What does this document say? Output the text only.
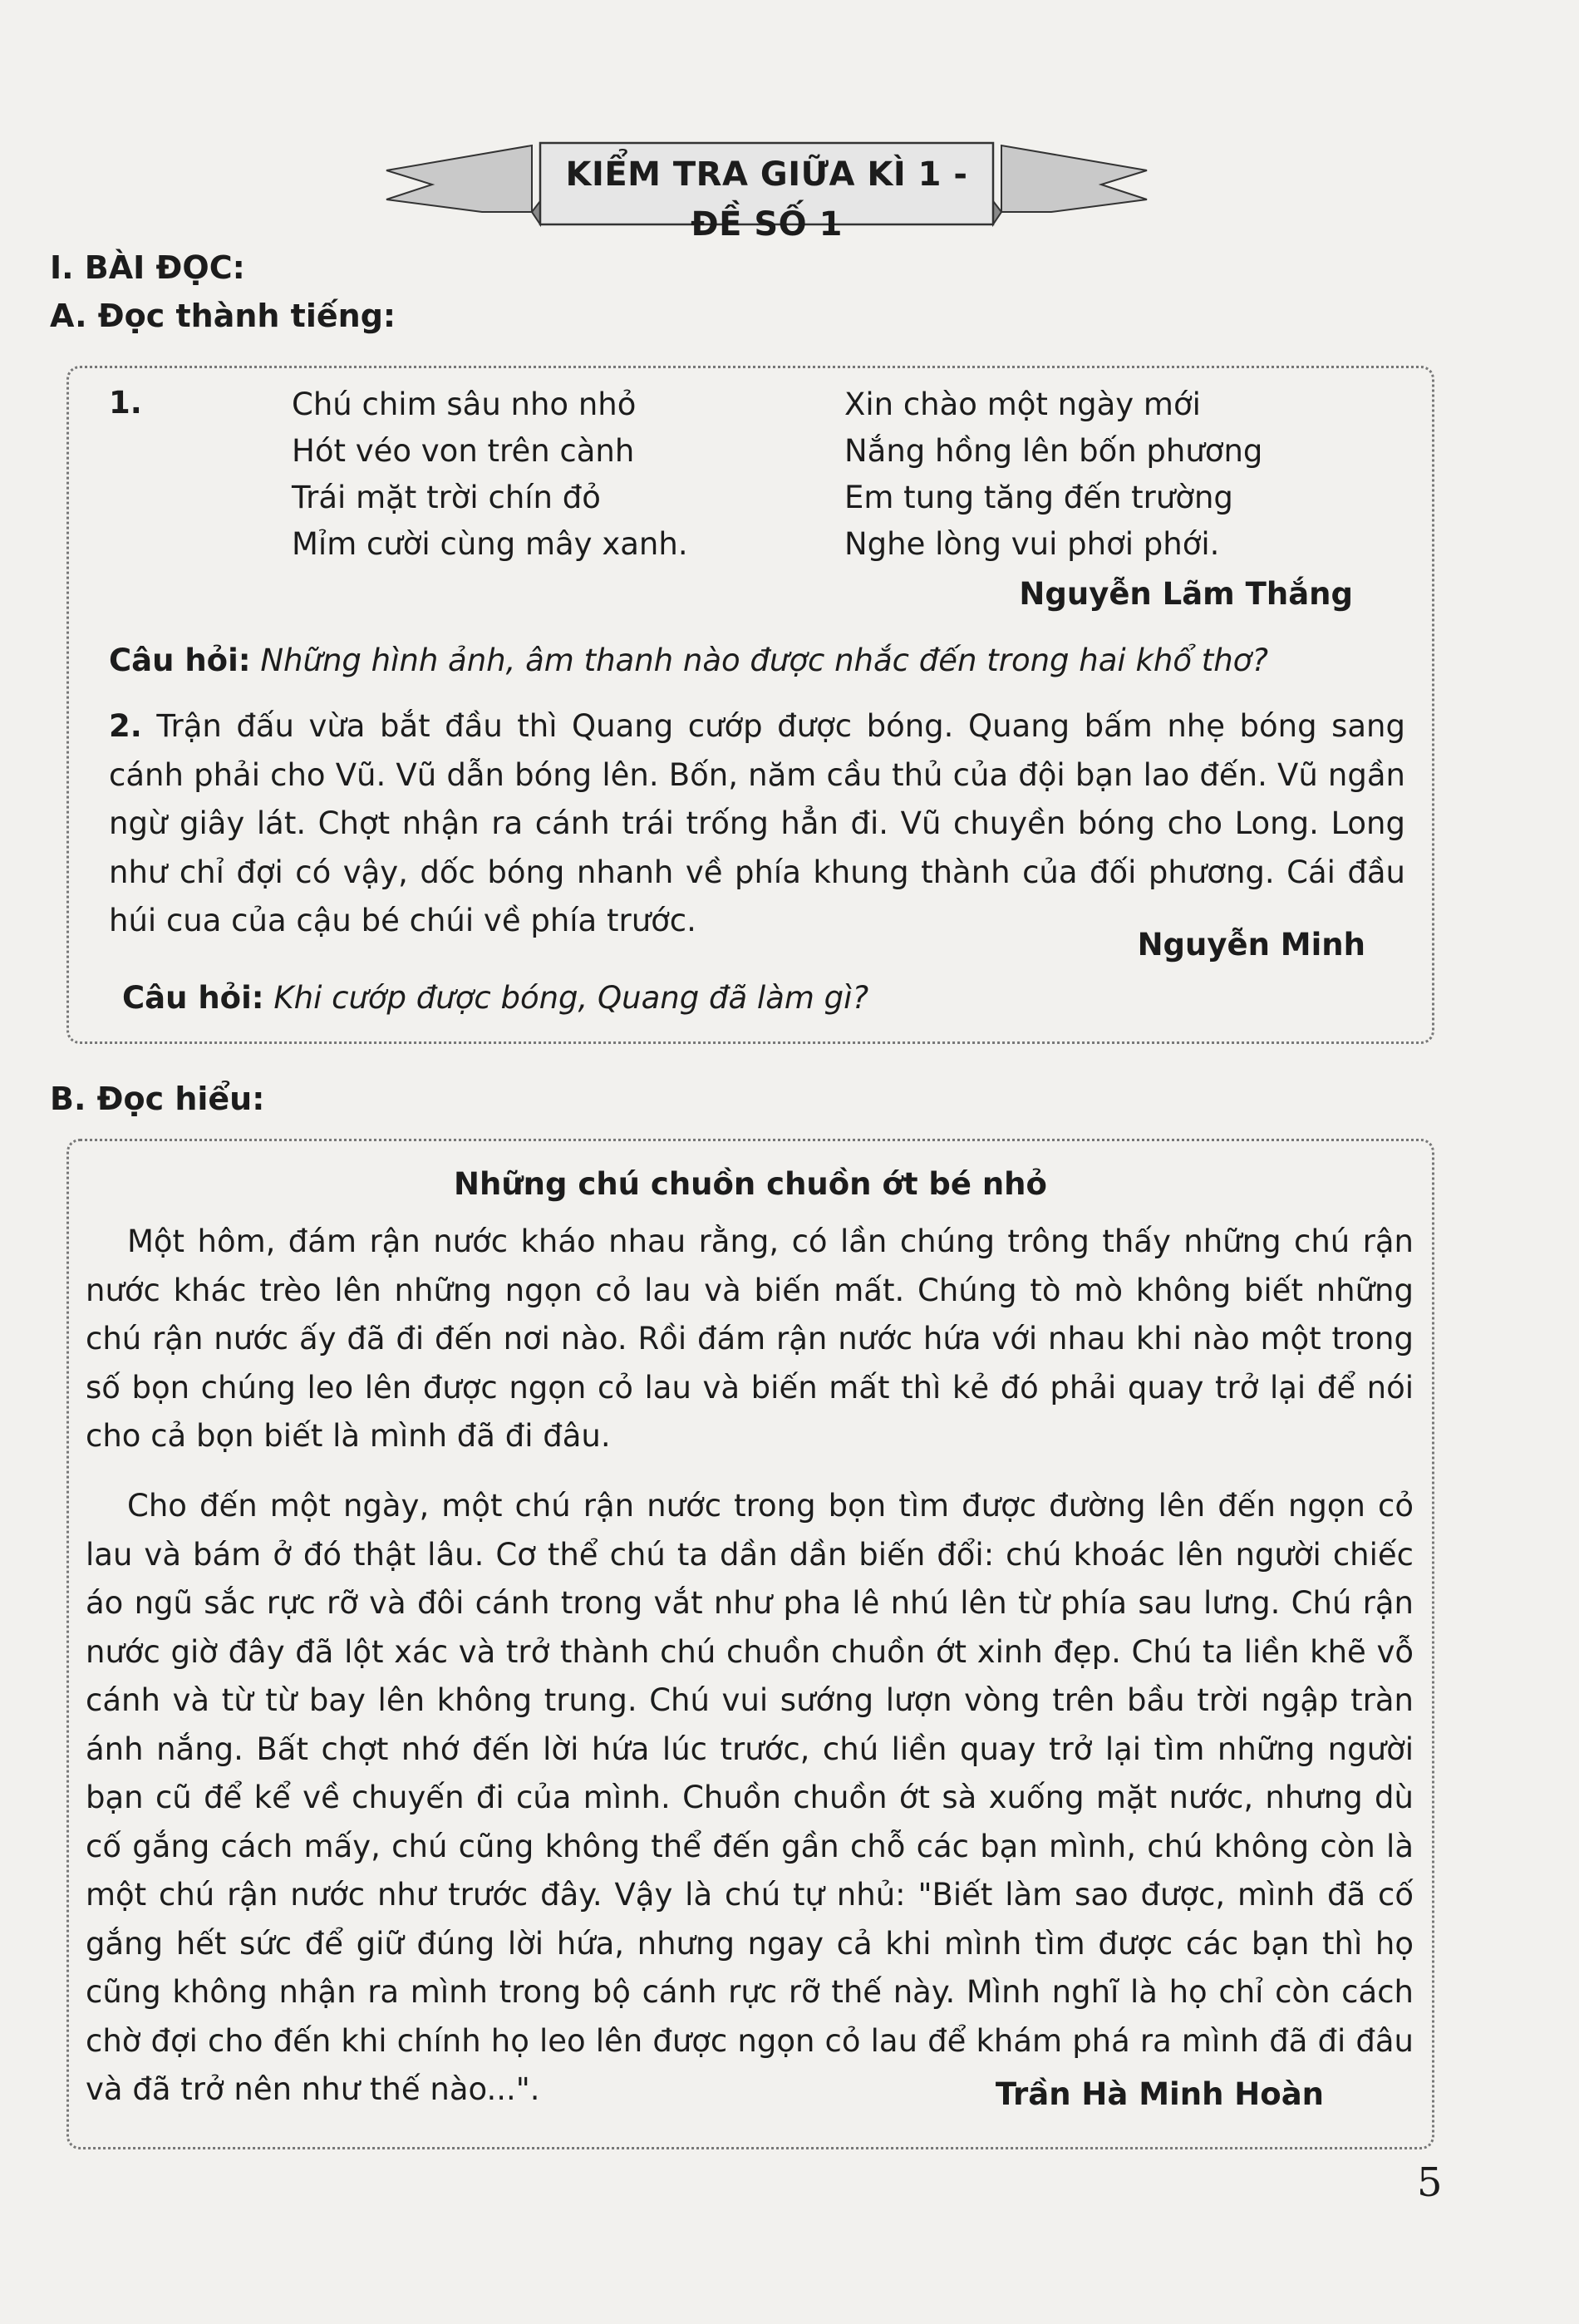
KIỂM TRA GIỮA KÌ 1 - ĐỀ SỐ 1
I. BÀI ĐỌC:
A. Đọc thành tiếng:
1.	Chú chim sâu nho nhỏ
Hót véo von trên cành
Trái mặt trời chín đỏ
Mỉm cười cùng mây xanh.
Xin chào một ngày mới
Nắng hồng lên bốn phương
Em tung tăng đến trường
Nghe lòng vui phơi phới.
Nguyễn Lãm Thắng
Câu hỏi: Những hình ảnh, âm thanh nào được nhắc đến trong hai khổ thơ?
2. Trận đấu vừa bắt đầu thì Quang cướp được bóng. Quang bấm nhẹ bóng sang cánh phải cho Vũ. Vũ dẫn bóng lên. Bốn, năm cầu thủ của đội bạn lao đến. Vũ ngần ngừ giây lát. Chợt nhận ra cánh trái trống hẳn đi. Vũ chuyền bóng cho Long. Long như chỉ đợi có vậy, dốc bóng nhanh về phía khung thành của đối phương. Cái đầu húi cua của cậu bé chúi về phía trước.
Nguyễn Minh
Câu hỏi: Khi cướp được bóng, Quang đã làm gì?
B. Đọc hiểu:
Những chú chuồn chuồn ớt bé nhỏ
Một hôm, đám rận nước kháo nhau rằng, có lần chúng trông thấy những chú rận nước khác trèo lên những ngọn cỏ lau và biến mất. Chúng tò mò không biết những chú rận nước ấy đã đi đến nơi nào. Rồi đám rận nước hứa với nhau khi nào một trong số bọn chúng leo lên được ngọn cỏ lau và biến mất thì kẻ đó phải quay trở lại để nói cho cả bọn biết là mình đã đi đâu.
Cho đến một ngày, một chú rận nước trong bọn tìm được đường lên đến ngọn cỏ lau và bám ở đó thật lâu. Cơ thể chú ta dần dần biến đổi: chú khoác lên người chiếc áo ngũ sắc rực rỡ và đôi cánh trong vắt như pha lê nhú lên từ phía sau lưng. Chú rận nước giờ đây đã lột xác và trở thành chú chuồn chuồn ớt xinh đẹp. Chú ta liền khẽ vỗ cánh và từ từ bay lên không trung. Chú vui sướng lượn vòng trên bầu trời ngập tràn ánh nắng. Bất chợt nhớ đến lời hứa lúc trước, chú liền quay trở lại tìm những người bạn cũ để kể về chuyến đi của mình. Chuồn chuồn ớt sà xuống mặt nước, nhưng dù cố gắng cách mấy, chú cũng không thể đến gần chỗ các bạn mình, chú không còn là một chú rận nước như trước đây. Vậy là chú tự nhủ: "Biết làm sao được, mình đã cố gắng hết sức để giữ đúng lời hứa, nhưng ngay cả khi mình tìm được các bạn thì họ cũng không nhận ra mình trong bộ cánh rực rỡ thế này. Mình nghĩ là họ chỉ còn cách chờ đợi cho đến khi chính họ leo lên được ngọn cỏ lau để khám phá ra mình đã đi đâu và đã trở nên như thế nào...".	Trần Hà Minh Hoàn
5
